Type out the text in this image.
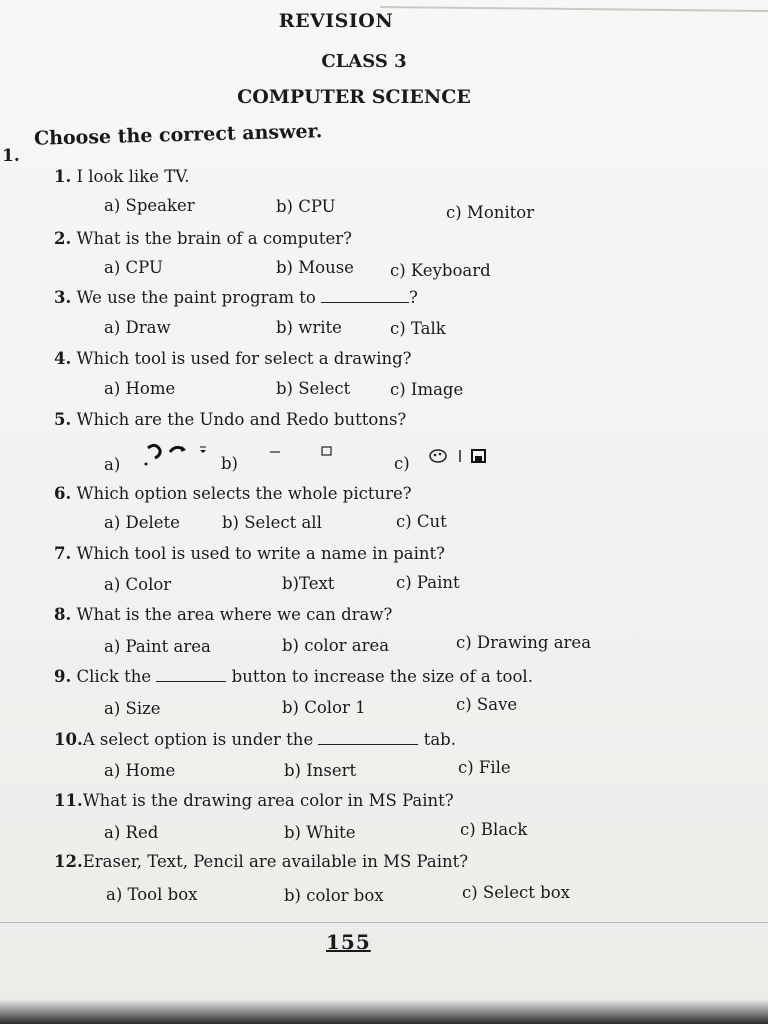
REVISION
CLASS 3
COMPUTER SCIENCE
1.
Choose the correct answer.
1. I look like TV.
a) Speaker	b) CPU	c) Monitor
2. What is the brain of a computer?
a) CPU	b) Mouse c) Keyboard
3. We use the paint program to	?
a) Draw	b) write	c) Talk
4. Which tool is used for select a drawing?
a) Home	b) Select c) Image
5. Which are the Undo and Redo buttons?
a)	b)	c)
6. Which option selects the whole picture?
a) Delete	b) Select all	c) Cut
7. Which tool is used to write a name in paint?
a) Color	b)Text	c) Paint
8. What is the area where we can draw?
a) Paint area	b) color area	c) Drawing area
9. Click the	button to increase the size of a tool.
a) Size	b) Color 1	c) Save
10.A select option is under the	tab.
a) Home	b) Insert	c) File
11.What is the drawing area color in MS Paint?
a) Red	b) White	c) Black
12.Eraser, Text, Pencil are available in MS Paint?
a) Tool box	b) color box	c) Select box
155
